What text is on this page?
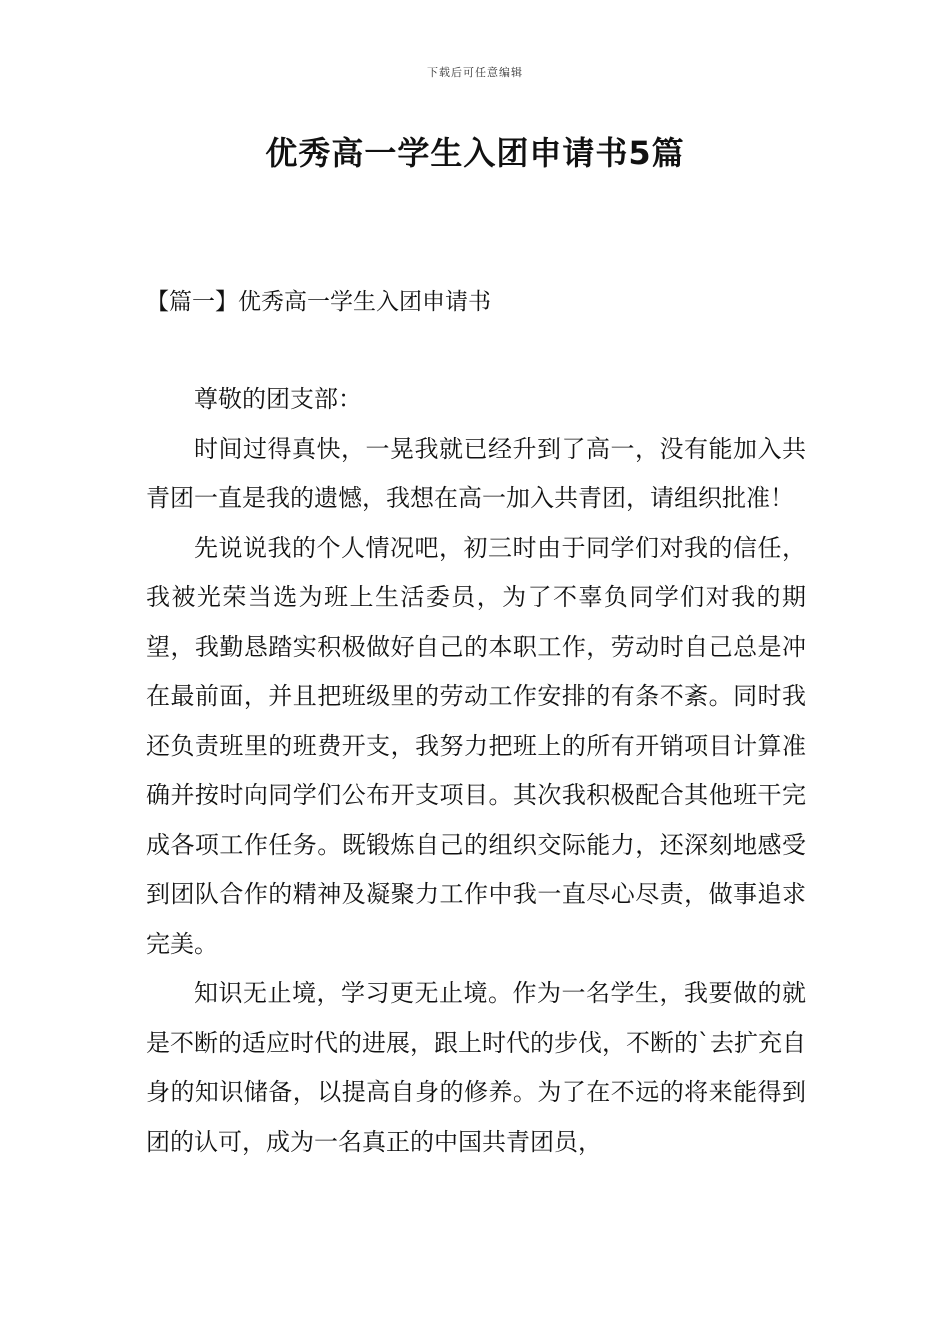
下载后可任意编辑
优秀高一学生入团申请书5篇
【篇一】优秀高一学生入团申请书

尊敬的团支部：

时间过得真快，一晃我就已经升到了高一，没有能加入共青团一直是我的遗憾，我想在高一加入共青团，请组织批准！

先说说我的个人情况吧，初三时由于同学们对我的信任，我被光荣当选为班上生活委员，为了不辜负同学们对我的期望，我勤恳踏实积极做好自己的本职工作，劳动时自己总是冲在最前面，并且把班级里的劳动工作安排的有条不紊。同时我还负责班里的班费开支，我努力把班上的所有开销项目计算准确并按时向同学们公布开支项目。其次我积极配合其他班干完成各项工作任务。既锻炼自己的组织交际能力，还深刻地感受到团队合作的精神及凝聚力工作中我一直尽心尽责，做事追求完美。

知识无止境，学习更无止境。作为一名学生，我要做的就是不断的适应时代的进展，跟上时代的步伐，不断的`去扩充自身的知识储备，以提高自身的修养。为了在不远的将来能得到团的认可，成为一名真正的中国共青团员，
